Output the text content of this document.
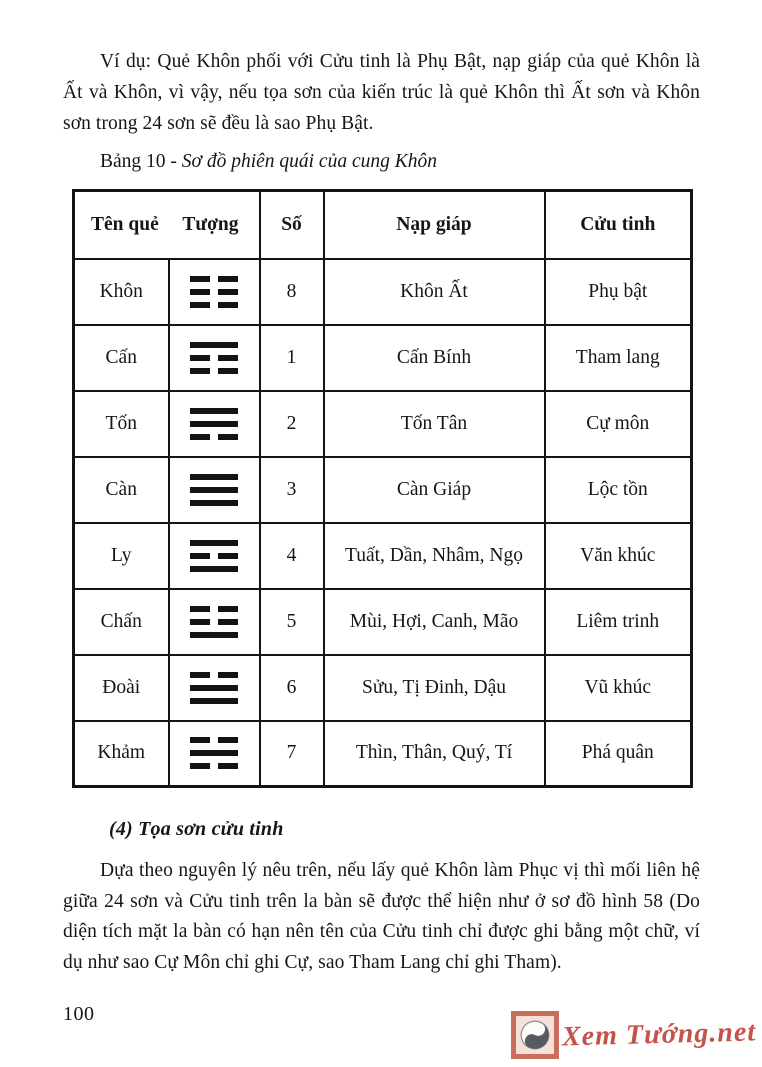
Ví dụ: Quẻ Khôn phối với Cửu tinh là Phụ Bật, nạp giáp của quẻ Khôn là Ất và Khôn, vì vậy, nếu tọa sơn của kiến trúc là quẻ Khôn thì Ất sơn và Khôn sơn trong 24 sơn sẽ đều là sao Phụ Bật.

Bảng 10 - Sơ đồ phiên quái của cung Khôn

Tên quẻ Tượng		Số	Nạp giáp	Cửu tinh
Khôn		8	Khôn Ất	Phụ bật
Cấn		1	Cấn Bính	Tham lang
Tốn		2	Tốn Tân	Cự môn
Càn		3	Càn Giáp	Lộc tồn
Ly		4	Tuất, Dần, Nhâm, Ngọ	Văn khúc
Chấn		5	Mùi, Hợi, Canh, Mão	Liêm trinh
Đoài		6	Sửu, Tị Đinh, Dậu	Vũ khúc
Khảm		7	Thìn, Thân, Quý, Tí	Phá quân
(4) Tọa sơn cửu tinh

Dựa theo nguyên lý nêu trên, nếu lấy quẻ Khôn làm Phục vị thì mối liên hệ giữa 24 sơn và Cửu tinh trên la bàn sẽ được thể hiện như ở sơ đồ hình 58 (Do diện tích mặt la bàn có hạn nên tên của Cửu tinh chỉ được ghi bằng một chữ, ví dụ như sao Cự Môn chỉ ghi Cự, sao Tham Lang chỉ ghi Tham).

100
Xem Tướng.net
